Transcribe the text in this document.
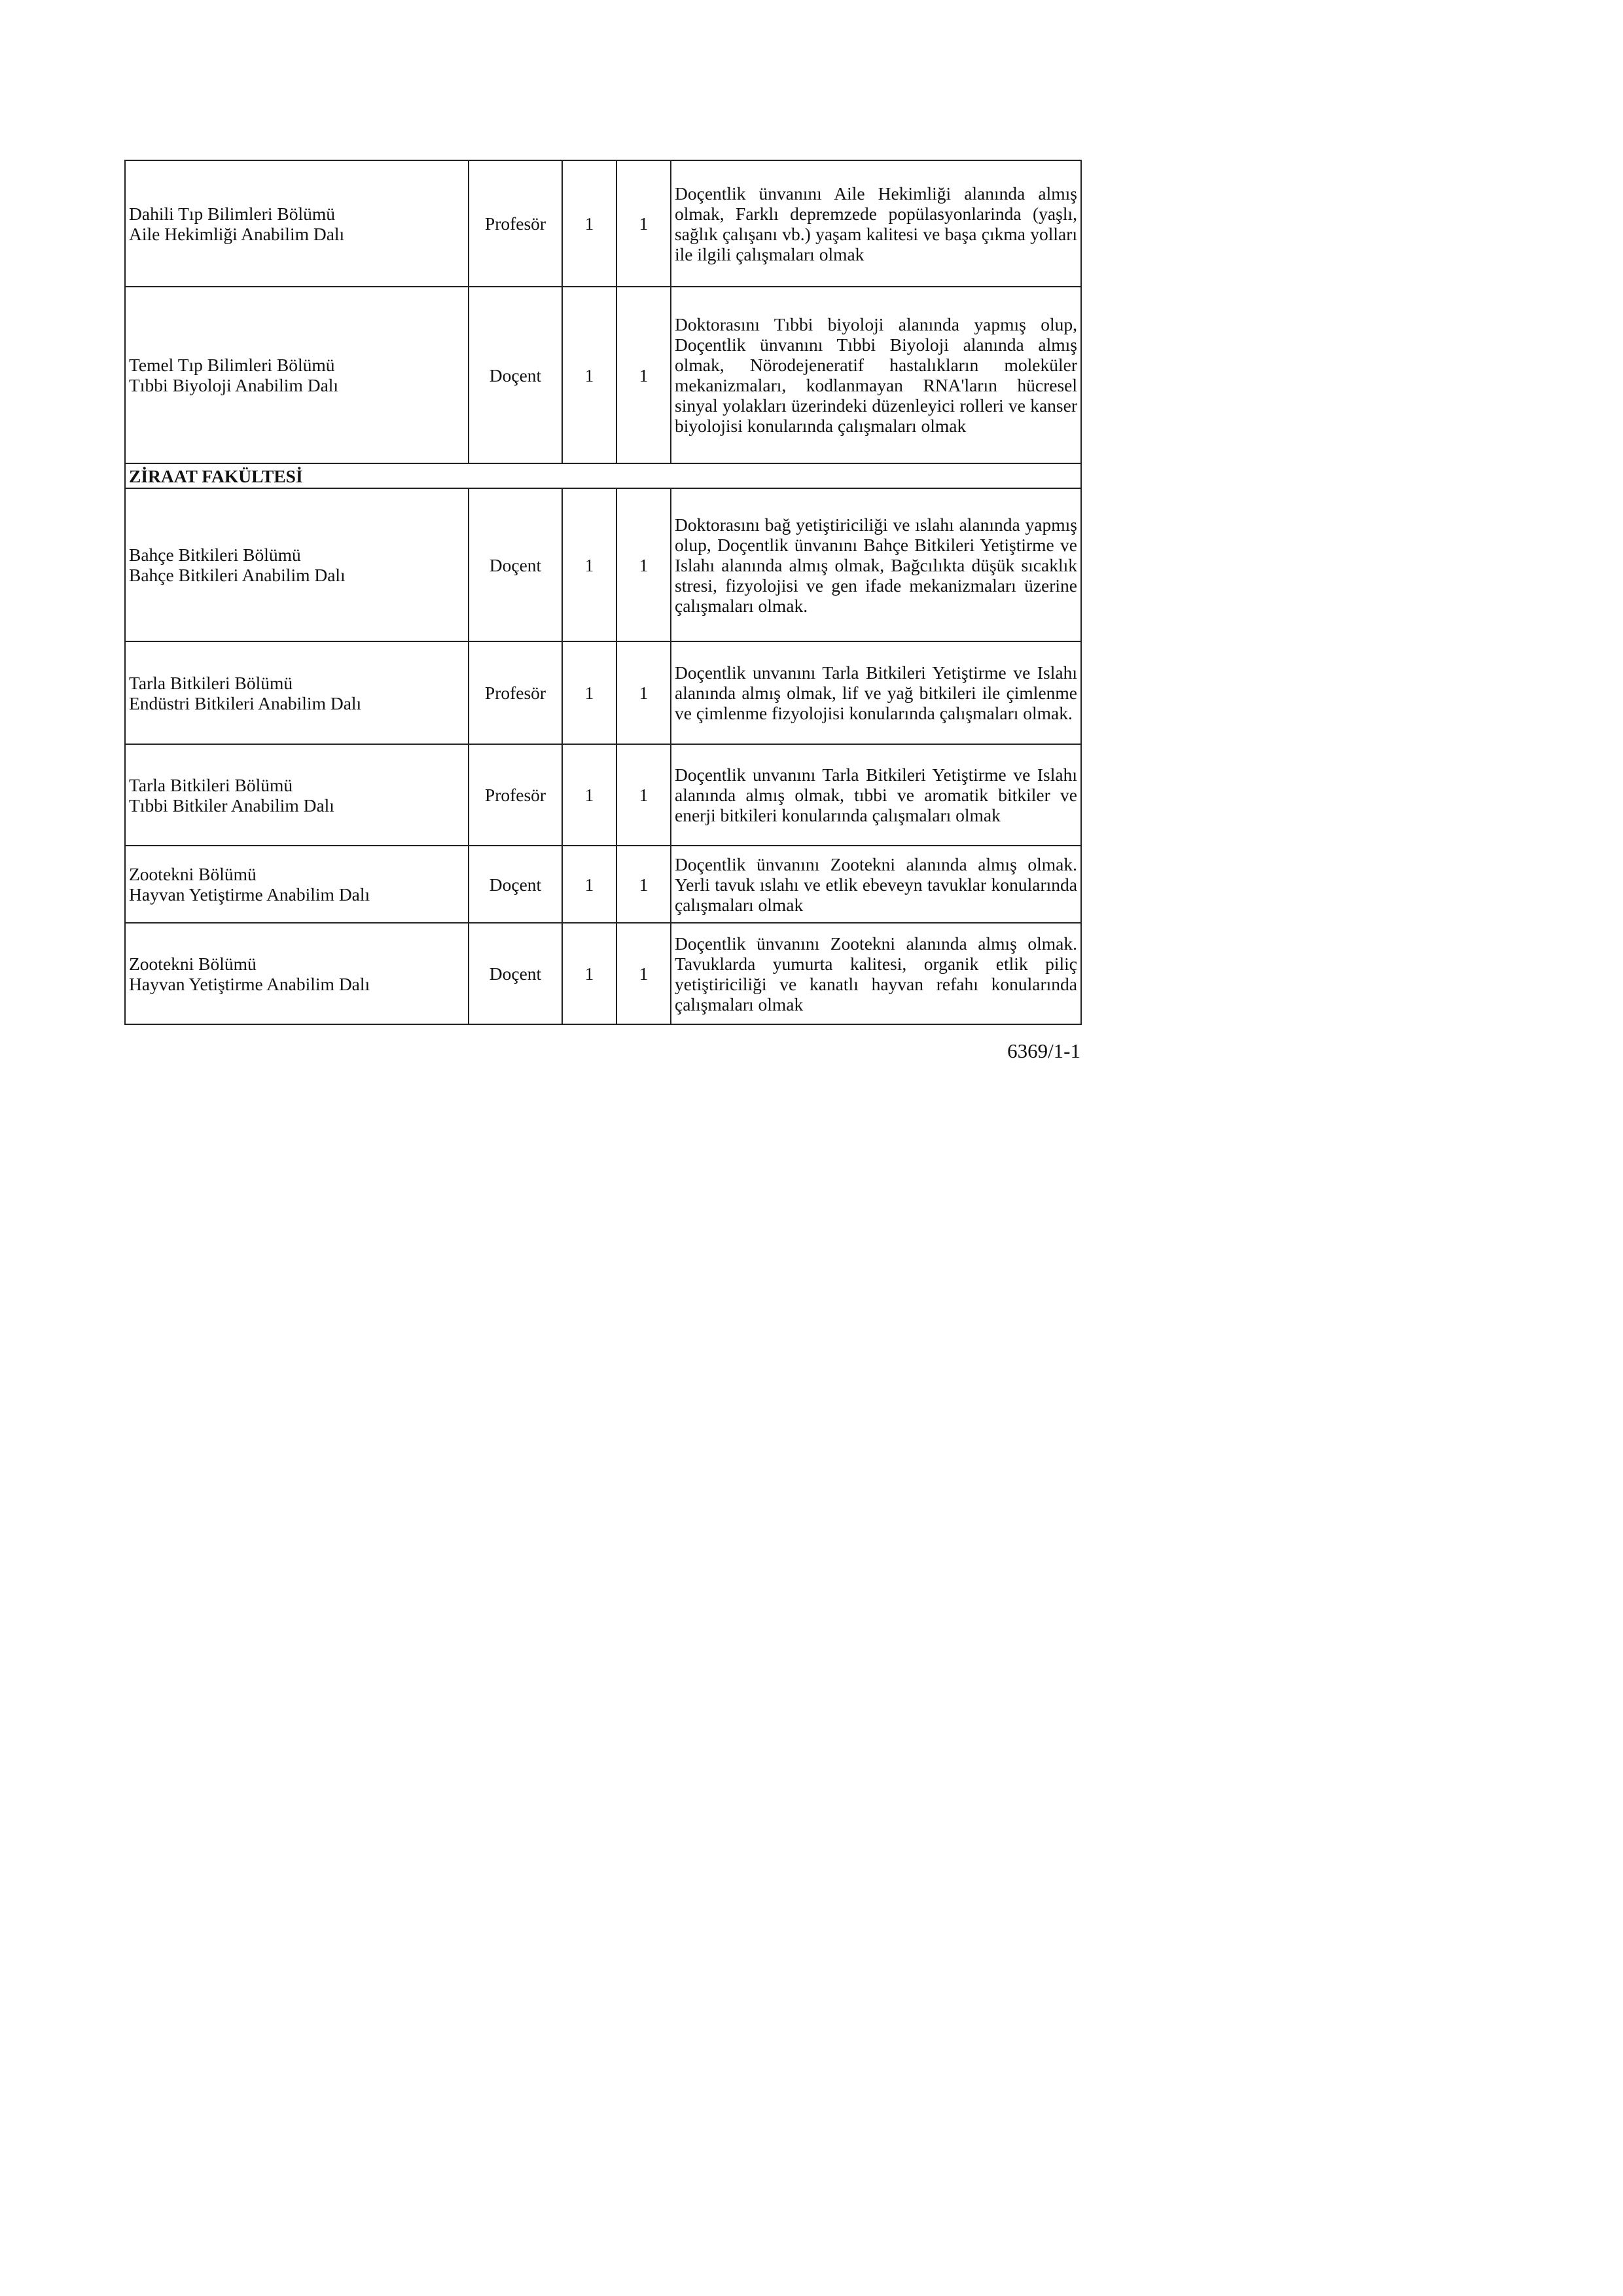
Dahili Tıp Bilimleri Bölümü
Aile Hekimliği Anabilim Dalı	Profesör	1	1	Doçentlik ünvanını Aile Hekimliği alanında almış olmak, Farklı depremzede popülasyonlarinda (yaşlı, sağlık çalışanı vb.) yaşam kalitesi ve başa çıkma yolları ile ilgili çalışmaları olmak

Temel Tıp Bilimleri Bölümü
Tıbbi Biyoloji Anabilim Dalı	Doçent	1	1	Doktorasını Tıbbi biyoloji alanında yapmış olup, Doçentlik ünvanını Tıbbi Biyoloji alanında almış olmak, Nörodejeneratif hastalıkların moleküler mekanizmaları, kodlanmayan RNA'ların hücresel sinyal yolakları üzerindeki düzenleyici rolleri ve kanser biyolojisi konularında çalışmaları olmak
ZİRAAT FAKÜLTESİ				

Bahçe Bitkileri Bölümü
Bahçe Bitkileri Anabilim Dalı	Doçent	1	1	Doktorasını bağ yetiştiriciliği ve ıslahı alanında yapmış olup, Doçentlik ünvanını Bahçe Bitkileri Yetiştirme ve Islahı alanında almış olmak, Bağcılıkta düşük sıcaklık stresi, fizyolojisi ve gen ifade mekanizmaları üzerine çalışmaları olmak.

Tarla Bitkileri Bölümü
Endüstri Bitkileri Anabilim Dalı	Profesör	1	1	Doçentlik unvanını Tarla Bitkileri Yetiştirme ve Islahı alanında almış olmak, lif ve yağ bitkileri ile çimlenme ve çimlenme fizyolojisi konularında çalışmaları olmak.

Tarla Bitkileri Bölümü
Tıbbi Bitkiler Anabilim Dalı	Profesör	1	1	Doçentlik unvanını Tarla Bitkileri Yetiştirme ve Islahı alanında almış olmak, tıbbi ve aromatik bitkiler ve enerji bitkileri konularında çalışmaları olmak

Zootekni Bölümü
Hayvan Yetiştirme Anabilim Dalı	Doçent	1	1	Doçentlik ünvanını Zootekni alanında almış olmak. Yerli tavuk ıslahı ve etlik ebeveyn tavuklar konularında çalışmaları olmak

Zootekni Bölümü
Hayvan Yetiştirme Anabilim Dalı	Doçent	1	1	Doçentlik ünvanını Zootekni alanında almış olmak. Tavuklarda yumurta kalitesi, organik etlik piliç yetiştiriciliği ve kanatlı hayvan refahı konularında çalışmaları olmak
6369/1-1
